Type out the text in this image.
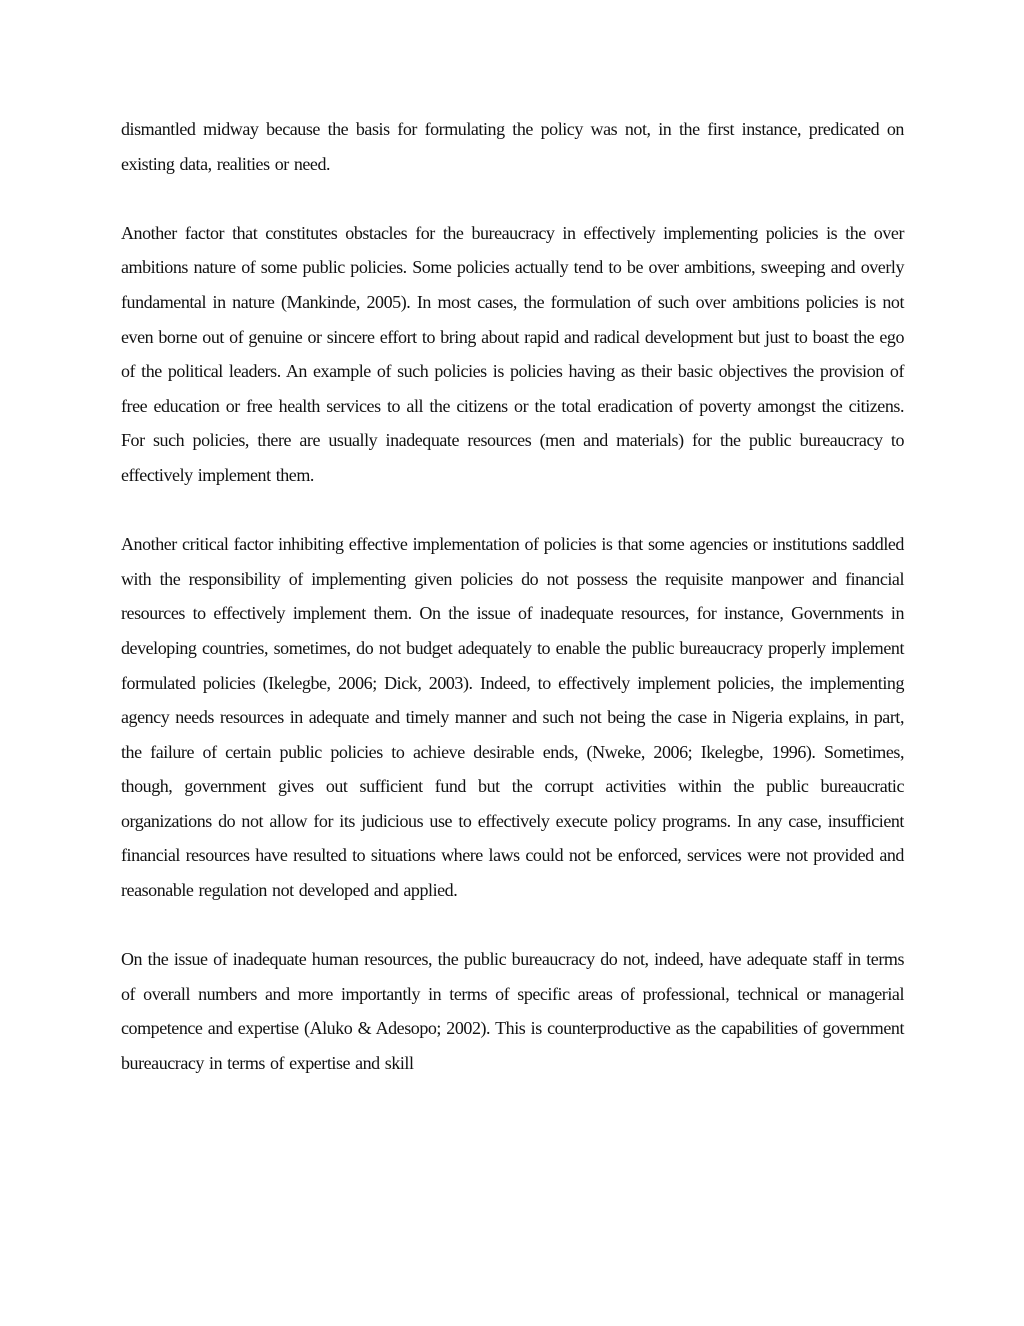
dismantled midway because the basis for formulating the policy was not, in the first instance, predicated on existing data, realities or need.

Another factor that constitutes obstacles for the bureaucracy in effectively implementing policies is the over ambitions nature of some public policies. Some policies actually tend to be over ambitions, sweeping and overly fundamental in nature (Mankinde, 2005). In most cases, the formulation of such over ambitions policies is not even borne out of genuine or sincere effort to bring about rapid and radical development but just to boast the ego of the political leaders. An example of such policies is policies having as their basic objectives the provision of free education or free health services to all the citizens or the total eradication of poverty amongst the citizens. For such policies, there are usually inadequate resources (men and materials) for the public bureaucracy to effectively implement them.

Another critical factor inhibiting effective implementation of policies is that some agencies or institutions saddled with the responsibility of implementing given policies do not possess the requisite manpower and financial resources to effectively implement them. On the issue of inadequate resources, for instance, Governments in developing countries, sometimes, do not budget adequately to enable the public bureaucracy properly implement formulated policies (Ikelegbe, 2006; Dick, 2003). Indeed, to effectively implement policies, the implementing agency needs resources in adequate and timely manner and such not being the case in Nigeria explains, in part, the failure of certain public policies to achieve desirable ends, (Nweke, 2006; Ikelegbe, 1996). Sometimes, though, government gives out sufficient fund but the corrupt activities within the public bureaucratic organizations do not allow for its judicious use to effectively execute policy programs. In any case, insufficient financial resources have resulted to situations where laws could not be enforced, services were not provided and reasonable regulation not developed and applied.

On the issue of inadequate human resources, the public bureaucracy do not, indeed, have adequate staff in terms of overall numbers and more importantly in terms of specific areas of professional, technical or managerial competence and expertise (Aluko & Adesopo; 2002). This is counterproductive as the capabilities of government bureaucracy in terms of expertise and skill
